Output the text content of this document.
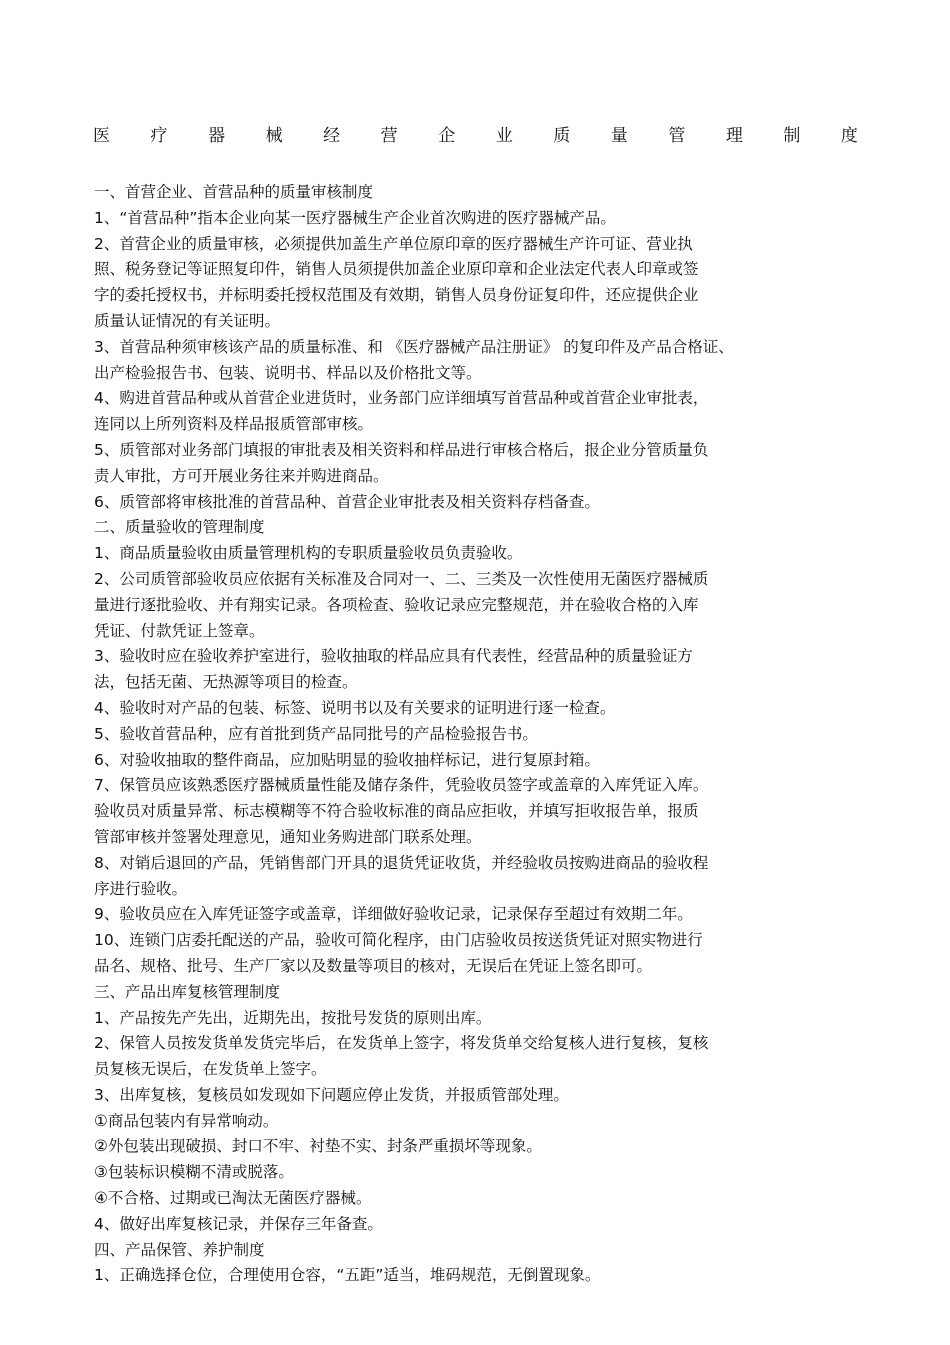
医 疗 器 械 经 营 企 业 质 量 管 理 制 度
一、首营企业、首营品种的质量审核制度
1、“首营品种”指本企业向某一医疗器械生产企业首次购进的医疗器械产品。
2、首营企业的质量审核，必须提供加盖生产单位原印章的医疗器械生产许可证、营业执
照、税务登记等证照复印件，销售人员须提供加盖企业原印章和企业法定代表人印章或签
字的委托授权书，并标明委托授权范围及有效期，销售人员身份证复印件，还应提供企业
质量认证情况的有关证明。
3、首营品种须审核该产品的质量标准、和 《医疗器械产品注册证》 的复印件及产品合格证、
出产检验报告书、包装、说明书、样品以及价格批文等。
4、购进首营品种或从首营企业进货时，业务部门应详细填写首营品种或首营企业审批表，
连同以上所列资料及样品报质管部审核。
5、质管部对业务部门填报的审批表及相关资料和样品进行审核合格后，报企业分管质量负
责人审批，方可开展业务往来并购进商品。
6、质管部将审核批准的首营品种、首营企业审批表及相关资料存档备查。
二、质量验收的管理制度
1、商品质量验收由质量管理机构的专职质量验收员负责验收。
2、公司质管部验收员应依据有关标准及合同对一、二、三类及一次性使用无菌医疗器械质
量进行逐批验收、并有翔实记录。各项检查、验收记录应完整规范，并在验收合格的入库
凭证、付款凭证上签章。
3、验收时应在验收养护室进行，验收抽取的样品应具有代表性，经营品种的质量验证方
法，包括无菌、无热源等项目的检查。
4、验收时对产品的包装、标签、说明书以及有关要求的证明进行逐一检查。
5、验收首营品种，应有首批到货产品同批号的产品检验报告书。
6、对验收抽取的整件商品，应加贴明显的验收抽样标记，进行复原封箱。
7、保管员应该熟悉医疗器械质量性能及储存条件，凭验收员签字或盖章的入库凭证入库。
验收员对质量异常、标志模糊等不符合验收标准的商品应拒收，并填写拒收报告单，报质
管部审核并签署处理意见，通知业务购进部门联系处理。
8、对销后退回的产品，凭销售部门开具的退货凭证收货，并经验收员按购进商品的验收程
序进行验收。
9、验收员应在入库凭证签字或盖章，详细做好验收记录，记录保存至超过有效期二年。
10、连锁门店委托配送的产品，验收可简化程序，由门店验收员按送货凭证对照实物进行
品名、规格、批号、生产厂家以及数量等项目的核对，无误后在凭证上签名即可。
三、产品出库复核管理制度
1、产品按先产先出，近期先出，按批号发货的原则出库。
2、保管人员按发货单发货完毕后，在发货单上签字，将发货单交给复核人进行复核，复核
员复核无误后，在发货单上签字。
3、出库复核，复核员如发现如下问题应停止发货，并报质管部处理。
①商品包装内有异常响动。
②外包装出现破损、封口不牢、衬垫不实、封条严重损坏等现象。
③包装标识模糊不清或脱落。
④不合格、过期或已淘汰无菌医疗器械。
4、做好出库复核记录，并保存三年备查。
四、产品保管、养护制度
1、正确选择仓位，合理使用仓容，“五距”适当，堆码规范，无倒置现象。
